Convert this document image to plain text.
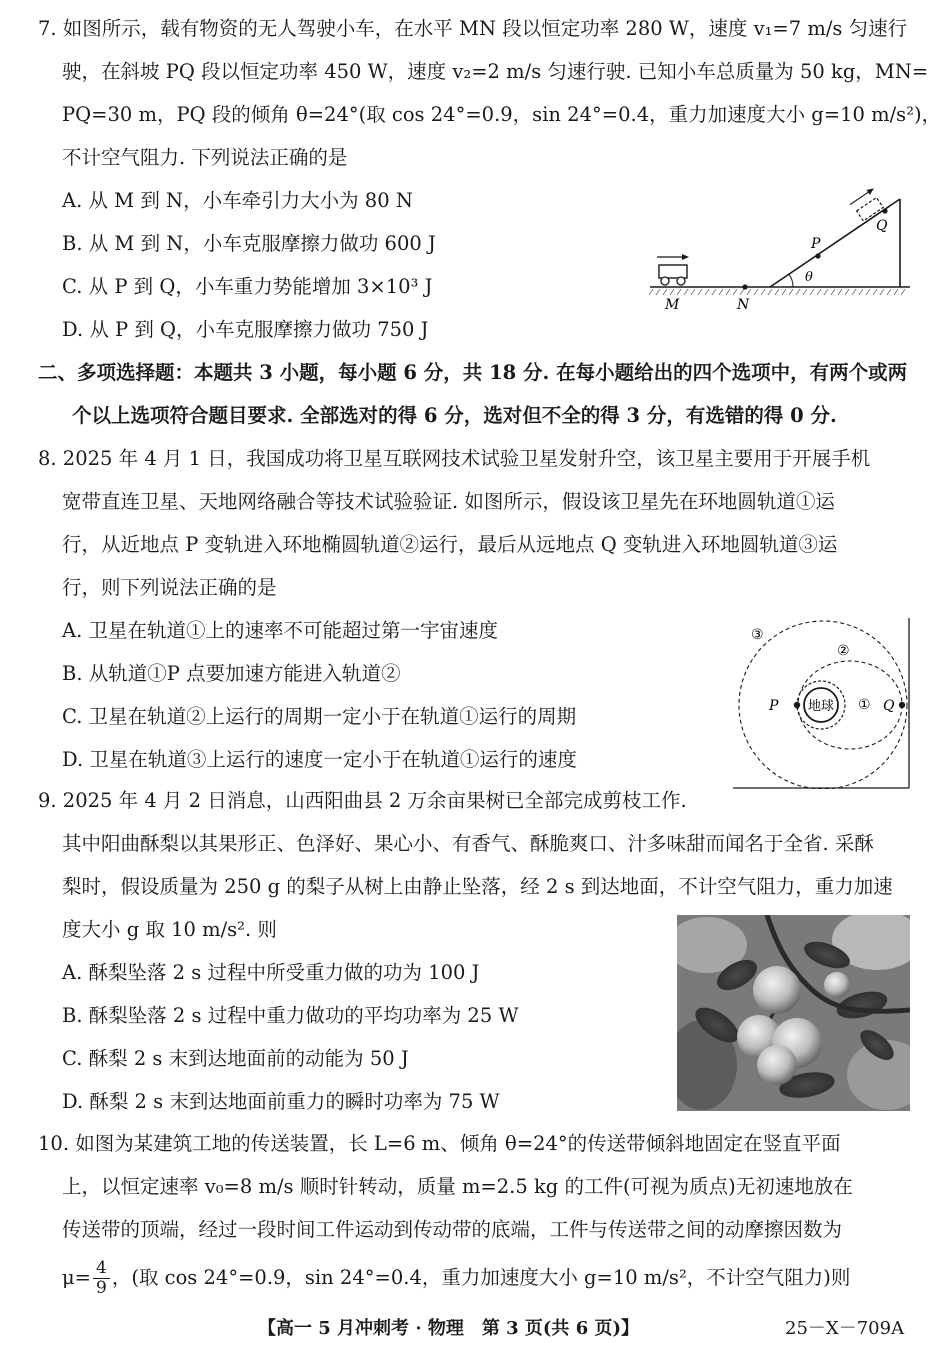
7. 如图所示，载有物资的无人驾驶小车，在水平 MN 段以恒定功率 280 W，速度 v₁=7 m/s 匀速行
驶，在斜坡 PQ 段以恒定功率 450 W，速度 v₂=2 m/s 匀速行驶. 已知小车总质量为 50 kg，MN=
PQ=30 m，PQ 段的倾角 θ=24°(取 cos 24°=0.9，sin 24°=0.4，重力加速度大小 g=10 m/s²)，
不计空气阻力. 下列说法正确的是
A. 从 M 到 N，小车牵引力大小为 80 N
B. 从 M 到 N，小车克服摩擦力做功 600 J
C. 从 P 到 Q，小车重力势能增加 3×10³ J
D. 从 P 到 Q，小车克服摩擦力做功 750 J
M	N
P
Q
θ
二、多项选择题：本题共 3 小题，每小题 6 分，共 18 分. 在每小题给出的四个选项中，有两个或两
个以上选项符合题目要求. 全部选对的得 6 分，选对但不全的得 3 分，有选错的得 0 分.
8. 2025 年 4 月 1 日，我国成功将卫星互联网技术试验卫星发射升空，该卫星主要用于开展手机
宽带直连卫星、天地网络融合等技术试验验证. 如图所示，假设该卫星先在环地圆轨道①运
行，从近地点 P 变轨进入环地椭圆轨道②运行，最后从远地点 Q 变轨进入环地圆轨道③运
行，则下列说法正确的是
A. 卫星在轨道①上的速率不可能超过第一宇宙速度
B. 从轨道①P 点要加速方能进入轨道②
C. 卫星在轨道②上运行的周期一定小于在轨道①运行的周期
D. 卫星在轨道③上运行的速度一定小于在轨道①运行的速度
地球
P	Q
①
②
③
9. 2025 年 4 月 2 日消息，山西阳曲县 2 万余亩果树已全部完成剪枝工作.
其中阳曲酥梨以其果形正、色泽好、果心小、有香气、酥脆爽口、汁多味甜而闻名于全省. 采酥
梨时，假设质量为 250 g 的梨子从树上由静止坠落，经 2 s 到达地面，不计空气阻力，重力加速
度大小 g 取 10 m/s². 则
A. 酥梨坠落 2 s 过程中所受重力做的功为 100 J
B. 酥梨坠落 2 s 过程中重力做功的平均功率为 25 W
C. 酥梨 2 s 末到达地面前的动能为 50 J
D. 酥梨 2 s 末到达地面前重力的瞬时功率为 75 W
10. 如图为某建筑工地的传送装置，长 L=6 m、倾角 θ=24°的传送带倾斜地固定在竖直平面
上，以恒定速率 v₀=8 m/s 顺时针转动，质量 m=2.5 kg 的工件(可视为质点)无初速地放在
传送带的顶端，经过一段时间工件运动到传动带的底端，工件与传送带之间的动摩擦因数为
$\mu= \frac{4}{9}$ ，(取 cos 24°=0.9，sin 24°=0.4，重力加速度大小 g=10 m/s²，不计空气阻力)则
【高一 5 月冲刺考 · 物理　第 3 页(共 6 页)】	25－X－709A
